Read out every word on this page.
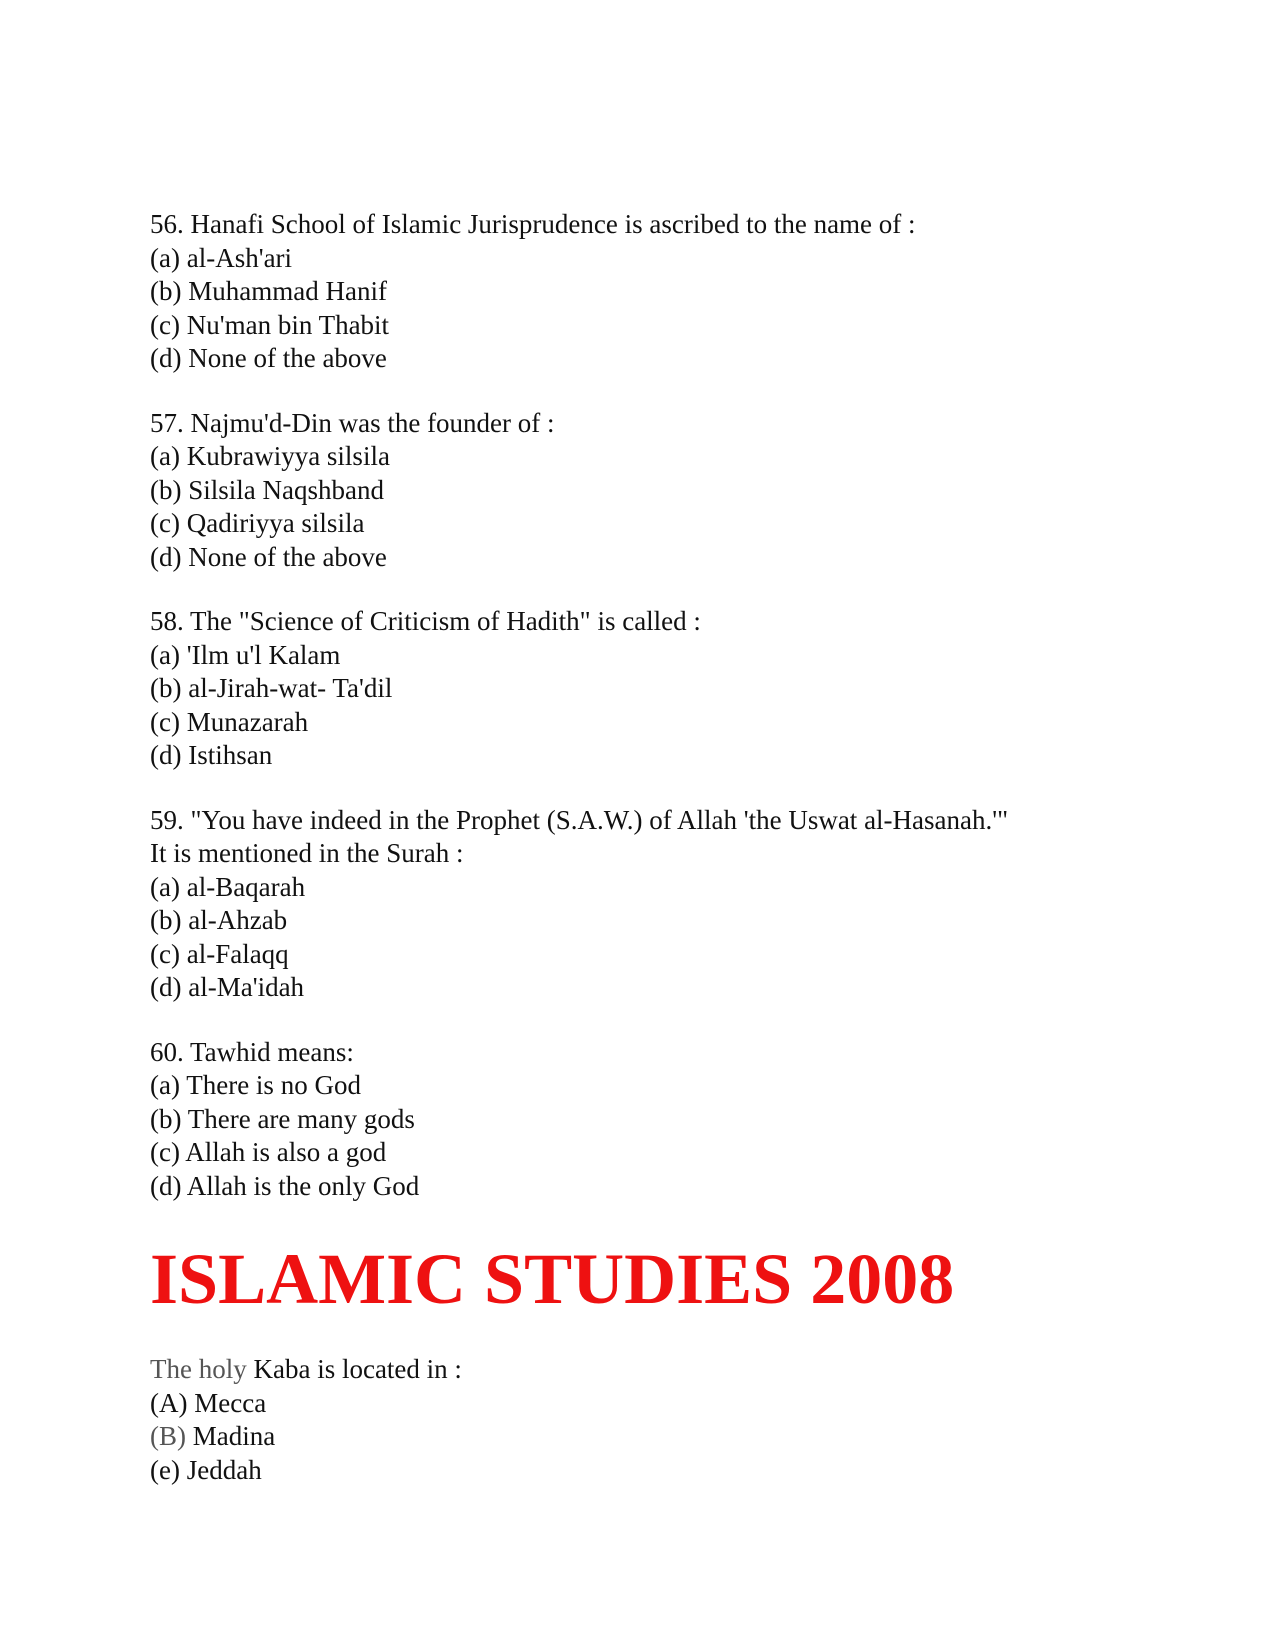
56. Hanafi School of Islamic Jurisprudence is ascribed to the name of :
(a) al-Ash'ari
(b) Muhammad Hanif
(c) Nu'man bin Thabit
(d) None of the above
57. Najmu'd-Din was the founder of :
(a) Kubrawiyya silsila
(b) Silsila Naqshband
(c) Qadiriyya silsila
(d) None of the above
58. The "Science of Criticism of Hadith" is called :
(a) 'Ilm u'l Kalam
(b) al-Jirah-wat- Ta'dil
(c) Munazarah
(d) Istihsan
59. "You have indeed in the Prophet (S.A.W.) of Allah 'the Uswat al-Hasanah.'"
It is mentioned in the Surah :
(a) al-Baqarah
(b) al-Ahzab
(c) al-Falaqq
(d) al-Ma'idah
60. Tawhid means:
(a) There is no God
(b) There are many gods
(c) Allah is also a god
(d) Allah is the only God
ISLAMIC STUDIES 2008
The holy Kaba is located in :
(A) Mecca
(B) Madina
(e) Jeddah
